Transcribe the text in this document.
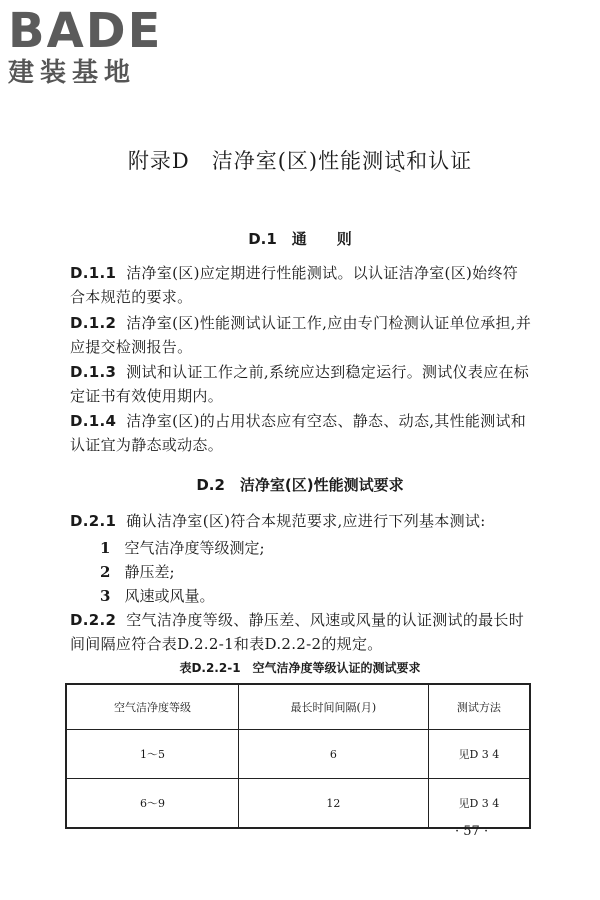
BADE
建装基地
附录D　洁净室(区)性能测试和认证
D.1　通　　则
D.1.1 洁净室(区)应定期进行性能测试。以认证洁净室(区)始终符合本规范的要求。
D.1.2 洁净室(区)性能测试认证工作,应由专门检测认证单位承担,并应提交检测报告。
D.1.3 测试和认证工作之前,系统应达到稳定运行。测试仪表应在标定证书有效使用期内。
D.1.4 洁净室(区)的占用状态应有空态、静态、动态,其性能测试和认证宜为静态或动态。
D.2　洁净室(区)性能测试要求
D.2.1 确认洁净室(区)符合本规范要求,应进行下列基本测试:
1 空气洁净度等级测定;
2 静压差;
3 风速或风量。
D.2.2 空气洁净度等级、静压差、风速或风量的认证测试的最长时间间隔应符合表D.2.2-1和表D.2.2-2的规定。
表D.2.2-1　空气洁净度等级认证的测试要求
空气洁净度等级	最长时间间隔(月)	测试方法
1～5	6	见D 3 4
6～9	12	见D 3 4
· 57 ·
